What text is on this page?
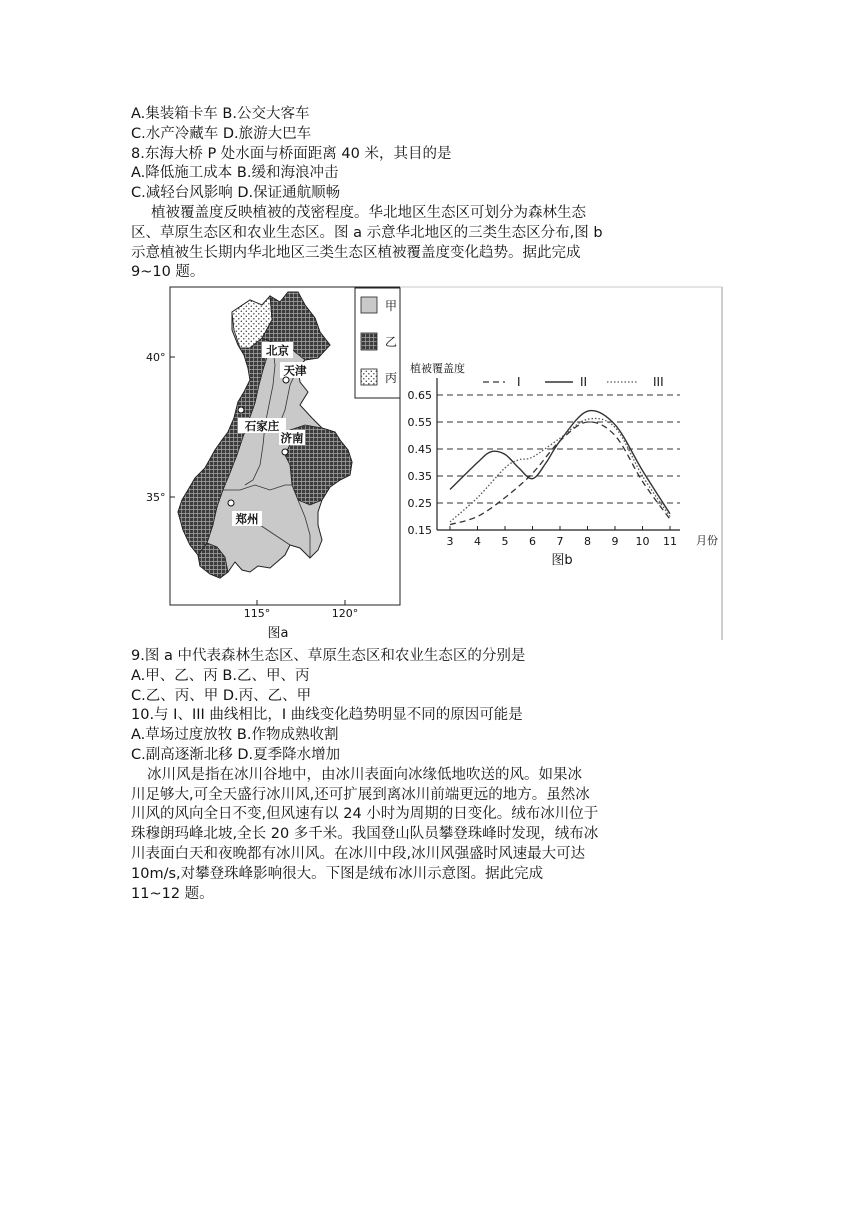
A.集装箱卡车 B.公交大客车
C.水产冷藏车 D.旅游大巴车
8.东海大桥 P 处水面与桥面距离 40 米，其目的是
A.降低施工成本 B.缓和海浪冲击
C.减轻台风影响 D.保证通航顺畅
植被覆盖度反映植被的茂密程度。华北地区生态区可划分为森林生态
区、草原生态区和农业生态区。图 a 示意华北地区的三类生态区分布,图 b
示意植被生长期内华北地区三类生态区植被覆盖度变化趋势。据此完成
9~10 题。
北京
天津
石家庄
济南
郑州
甲
乙
丙
40°
35°
115°	120°
图a
植被覆盖度
月份
图b
I	II	III
0.15
0.25
0.35
0.45
0.55
0.65
3 4 5 6 7 8 9 10 11
9.图 a 中代表森林生态区、草原生态区和农业生态区的分别是
A.甲、乙、丙 B.乙、甲、丙
C.乙、丙、甲 D.丙、乙、甲
10.与 I、III 曲线相比，I 曲线变化趋势明显不同的原因可能是
A.草场过度放牧 B.作物成熟收割
C.副高逐渐北移 D.夏季降水增加
冰川风是指在冰川谷地中，由冰川表面向冰缘低地吹送的风。如果冰
川足够大,可全天盛行冰川风,还可扩展到离冰川前端更远的地方。虽然冰
川风的风向全日不变,但风速有以 24 小时为周期的日变化。绒布冰川位于
珠穆朗玛峰北坡,全长 20 多千米。我国登山队员攀登珠峰时发现，绒布冰
川表面白天和夜晚都有冰川风。在冰川中段,冰川风强盛时风速最大可达
10m/s,对攀登珠峰影响很大。下图是绒布冰川示意图。据此完成
11~12 题。
